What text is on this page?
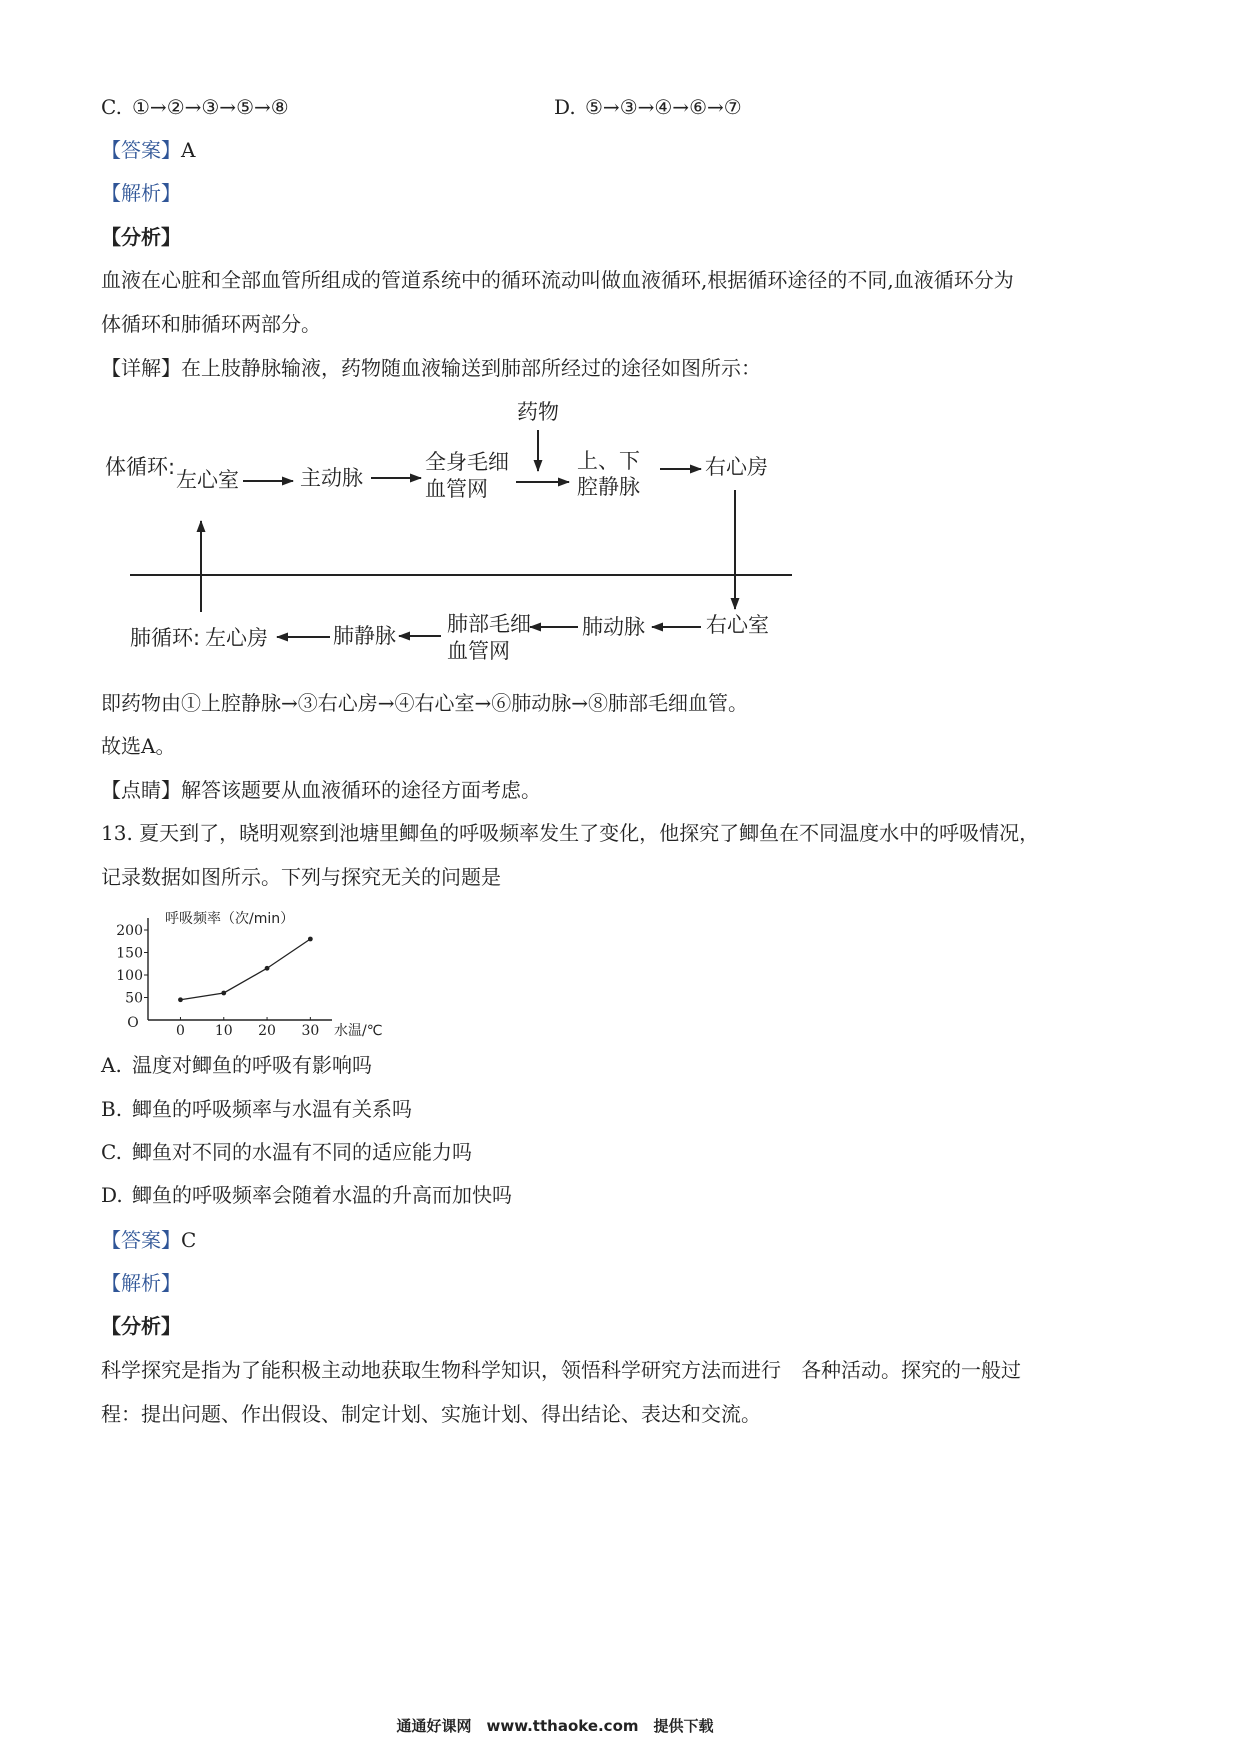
C. ①→②→③→⑤→⑧	D. ⑤→③→④→⑥→⑦
【答案】A
【解析】
【分析】
血液在心脏和全部血管所组成的管道系统中的循环流动叫做血液循环,根据循环途径的不同,血液循环分为
体循环和肺循环两部分。
【详解】在上肢静脉输液，药物随血液输送到肺部所经过的途径如图所示：
药物
体循环:
左心室	主动脉
全身毛细
血管网
上、下
腔静脉
右心房
右心室
肺动脉
肺部毛细
血管网
肺静脉
肺循环: 左心房
即药物由①上腔静脉→③右心房→④右心室→⑥肺动脉→⑧肺部毛细血管。
故选A。
【点睛】解答该题要从血液循环的途径方面考虑。
13. 夏天到了，晓明观察到池塘里鲫鱼的呼吸频率发生了变化，他探究了鲫鱼在不同温度水中的呼吸情况，
记录数据如图所示。下列与探究无关的问题是
50
100
150
200
O	0 10 20 30
呼吸频率（次/min）
水温/℃
A. 温度对鲫鱼的呼吸有影响吗
B. 鲫鱼的呼吸频率与水温有关系吗
C. 鲫鱼对不同的水温有不同的适应能力吗
D. 鲫鱼的呼吸频率会随着水温的升高而加快吗
【答案】C
【解析】
【分析】
科学探究是指为了能积极主动地获取生物科学知识，领悟科学研究方法而进行　各种活动。探究的一般过
程：提出问题、作出假设、制定计划、实施计划、得出结论、表达和交流。
通通好课网　www.tthaoke.com　提供下载
